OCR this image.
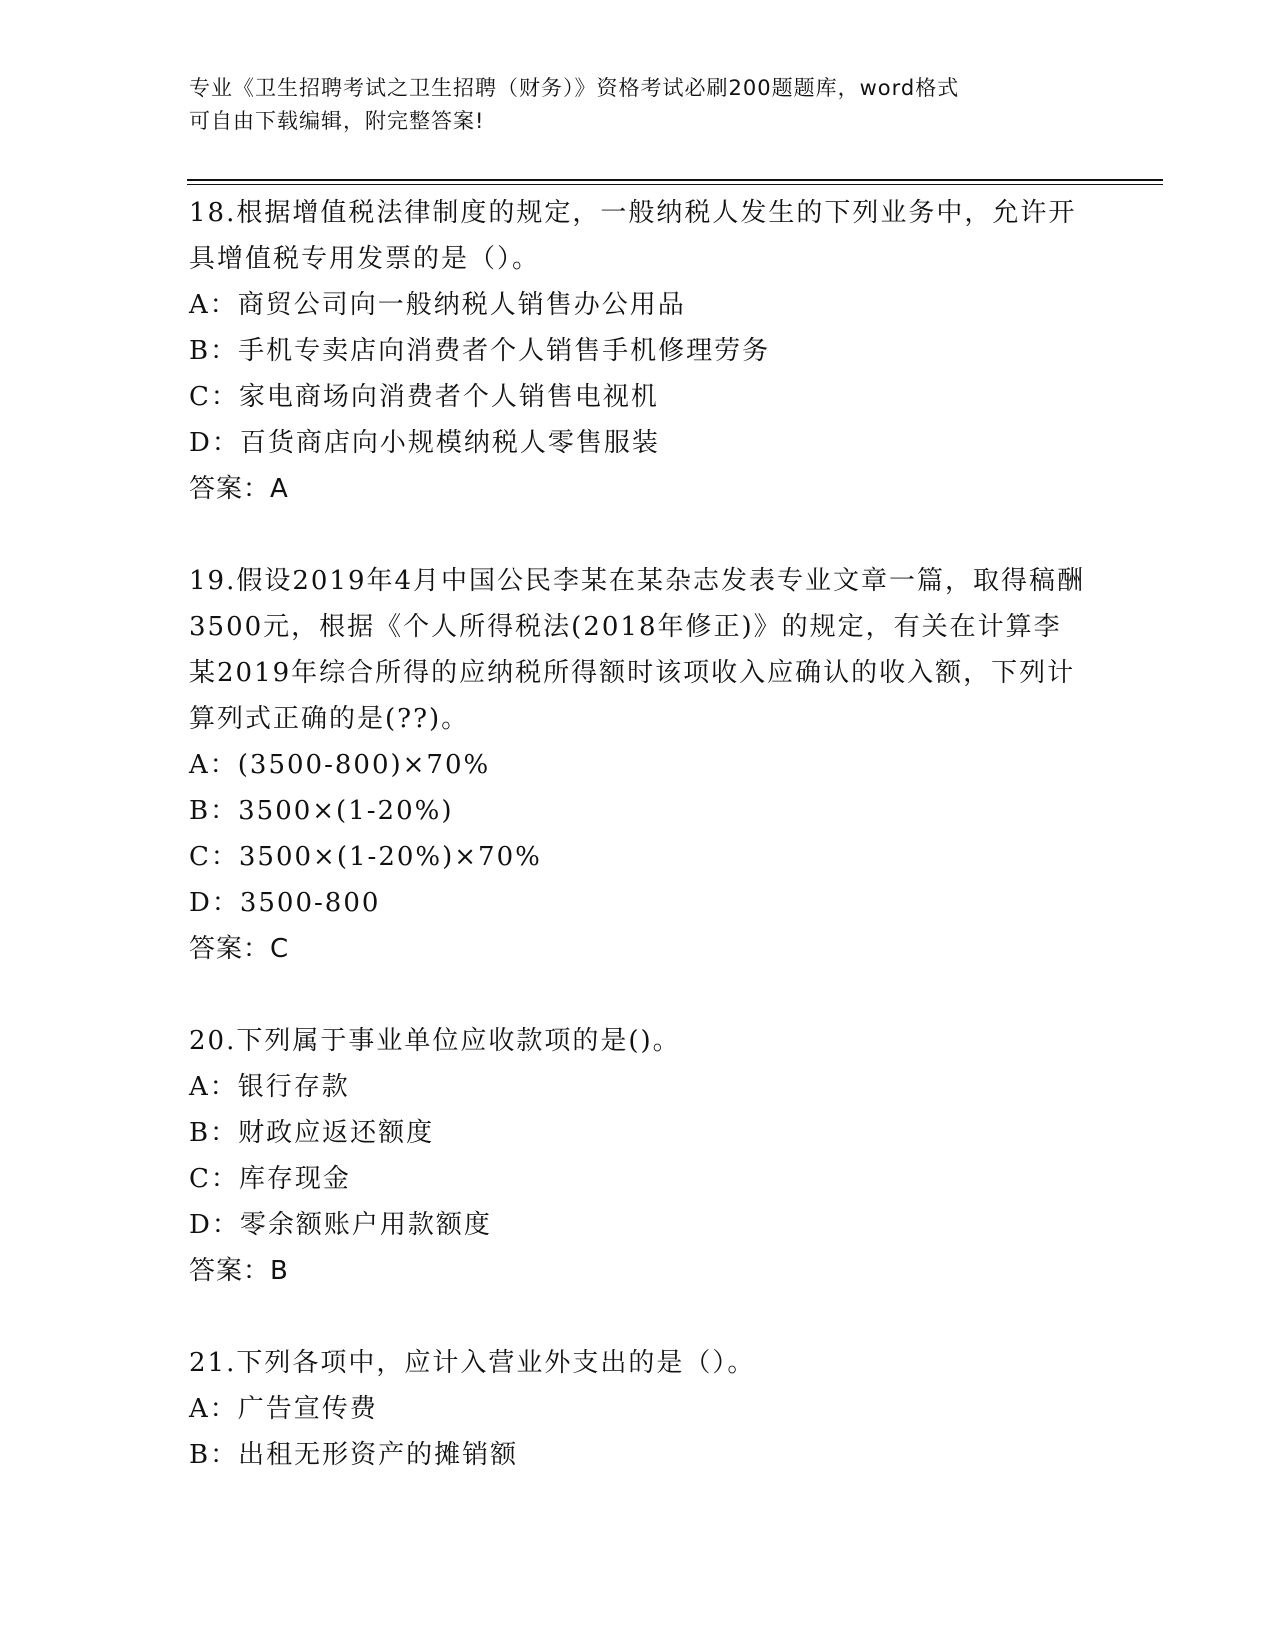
专业《卫生招聘考试之卫生招聘（财务）》资格考试必刷200题题库，word格式
可自由下载编辑，附完整答案!

18.根据增值税法律制度的规定，一般纳税人发生的下列业务中，允许开具增值税专用发票的是（）。

A：商贸公司向一般纳税人销售办公用品

B：手机专卖店向消费者个人销售手机修理劳务

C：家电商场向消费者个人销售电视机

D：百货商店向小规模纳税人零售服装

答案：A

19.假设2019年4月中国公民李某在某杂志发表专业文章一篇，取得稿酬3500元，根据《个人所得税法(2018年修正)》的规定，有关在计算李某2019年综合所得的应纳税所得额时该项收入应确认的收入额，下列计算列式正确的是(??)。

A：(3500-800)×70%

B：3500×(1-20%)

C：3500×(1-20%)×70%

D：3500-800

答案：C

20.下列属于事业单位应收款项的是()。

A：银行存款

B：财政应返还额度

C：库存现金

D：零余额账户用款额度

答案：B

21.下列各项中，应计入营业外支出的是（）。

A：广告宣传费

B：出租无形资产的摊销额
